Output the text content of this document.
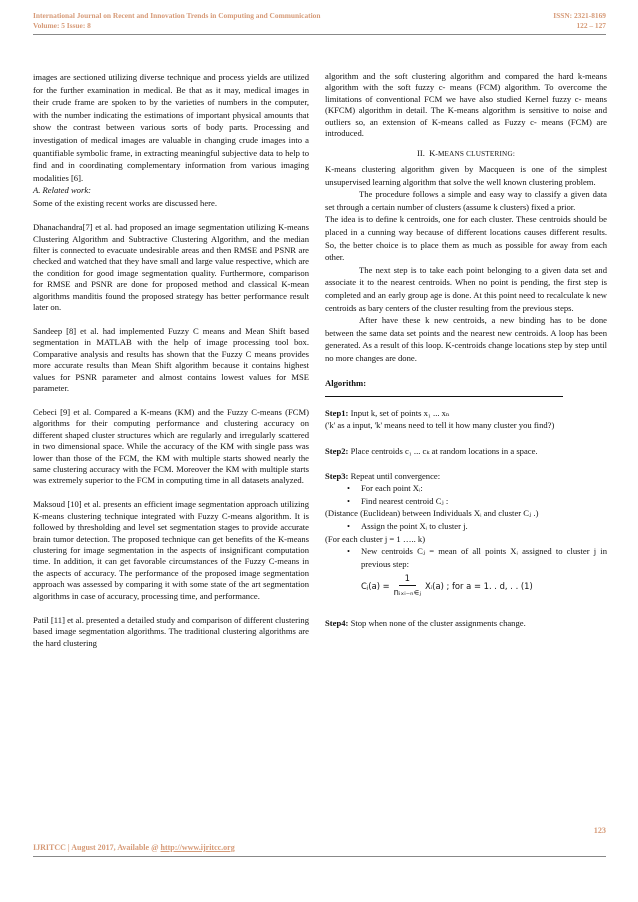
International Journal on Recent and Innovation Trends in Computing and Communication
Volume: 5 Issue: 8
ISSN: 2321-8169
122 – 127

images are sectioned utilizing diverse technique and process yields are utilized for the further examination in medical. Be that as it may, medical images in their crude frame are spoken to by the varieties of numbers in the computer, with the number indicating the estimations of important physical amounts that show the contrast between various sorts of body parts. Processing and investigation of medical images are valuable in changing crude images into a quantifiable symbolic frame, in extracting meaningful subjective data to help to find and in coordinating complementary information from various imaging modalities [6].

A. Related work:

Some of the existing recent works are discussed here.

Dhanachandra[7] et al. had proposed an image segmentation utilizing K-means Clustering Algorithm and Subtractive Clustering Algorithm, and the median filter is connected to evacuate undesirable areas and then RMSE and PSNR are checked and watched that they have small and large value respective, which are the condition for good image segmentation quality. Furthermore, comparison for RMSE and PSNR are done for proposed method and classical K-mean algorithms manditis found the proposed strategy has better performance result later on.

Sandeep [8] et al. had implemented Fuzzy C means and Mean Shift based segmentation in MATLAB with the help of image processing tool box. Comparative analysis and results has shown that the Fuzzy C means provides more accurate results than Mean Shift algorithm because it contains highest values for PSNR parameter and almost contains lowest values for MSE parameter.

Cebeci [9] et al. Compared a K-means (KM) and the Fuzzy C-means (FCM) algorithms for their computing performance and clustering accuracy on different shaped cluster structures which are regularly and irregularly scattered in two dimensional space. While the accuracy of the KM with single pass was lower than those of the FCM, the KM with multiple starts showed nearly the same clustering accuracy with the FCM. Moreover the KM with multiple starts was extremely superior to the FCM in computing time in all datasets analyzed.

Maksoud [10] et al. presents an efficient image segmentation approach utilizing K-means clustering technique integrated with Fuzzy C-means algorithm. It is followed by thresholding and level set segmentation stages to provide accurate brain tumor detection. The proposed technique can get benefits of the K-means clustering for image segmentation in the aspects of insignificant computation time. In addition, it can get favorable circumstances of the Fuzzy C-means in the aspects of accuracy. The performance of the proposed image segmentation approach was assessed by comparing it with some state of the art segmentation algorithms in case of accuracy, processing time, and performance.

Patil [11] et al. presented a detailed study and comparison of different clustering based image segmentation algorithms. The traditional clustering algorithms are the hard clustering

algorithm and the soft clustering algorithm and compared the hard k-means algorithm with the soft fuzzy c- means (FCM) algorithm. To overcome the limitations of conventional FCM we have also studied Kernel fuzzy c- means (KFCM) algorithm in detail. The K-means algorithm is sensitive to noise and outliers so, an extension of K-means called as Fuzzy c- means (FCM) are introduced.

II. K-MEANS CLUSTERING:

K-means clustering algorithm given by Macqueen is one of the simplest unsupervised learning algorithm that solve the well known clustering problem.

The procedure follows a simple and easy way to classify a given data set through a certain number of clusters (assume k clusters) fixed a prior.

The idea is to define k centroids, one for each cluster. These centroids should be placed in a cunning way because of different locations causes different results. So, the better choice is to place them as much as possible for away from each other.

The next step is to take each point belonging to a given data set and associate it to the nearest centroids. When no point is pending, the first step is completed and an early group age is done. At this point need to recalculate k new centroids as bary centers of the cluster resulting from the previous steps.

After have these k new centroids, a new binding has to be done between the same data set points and the nearest new centroids. A loop has been generated. As a result of this loop. K-centroids change locations step by step until no more changes are done.

Algorithm:

Step1: Input k, set of points x₁ ... xₙ

('k' as a input, 'k' means need to tell it how many cluster you find?)

Step2: Place centroids c₁ ... cₖ at random locations in a space.

Step3: Repeat until convergence:

• For each point Xᵢ:
• Find nearest centroid Cⱼ :

(Distance (Euclidean) between Individuals Xᵢ and cluster Cⱼ .)

• Assign the point Xᵢ to cluster j.

(For each cluster j = 1 ….. k)

• New centroids Cⱼ = mean of all points Xᵢ assigned to cluster j in previous step:
Cⱼ(a) = $\frac{1}{\text{nᵢₓᵢ₋ₙ∊ⱼ}}$ Xᵢ(a) ; for a = 1. . d, . . (1)

Step4: Stop when none of the cluster assignments change.

123
IJRITCC | August 2017, Available @ http://www.ijritcc.org
